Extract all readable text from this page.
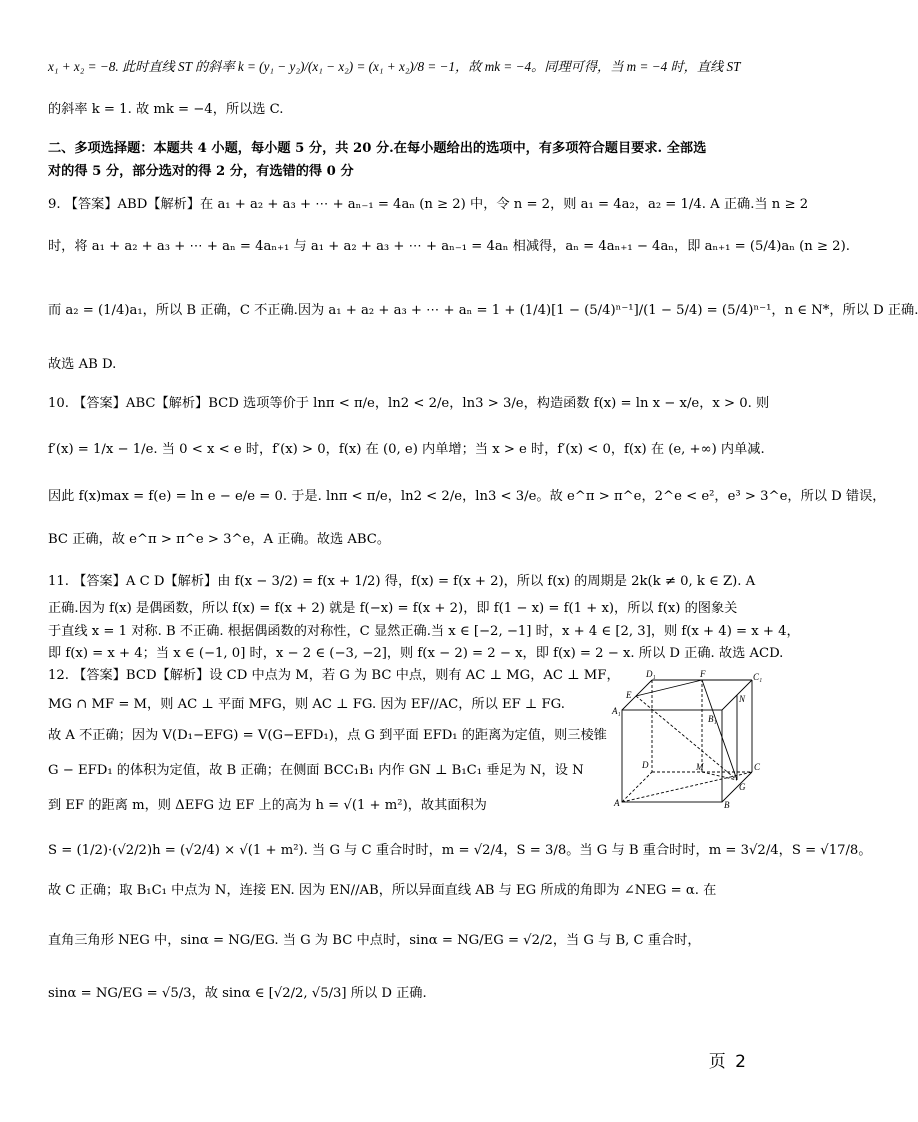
x₁ + x₂ = −8. 此时直线 ST 的斜率 k = (y₁ − y₂)/(x₁ − x₂) = (x₁ + x₂)/8 = −1，故 mk = −4。同理可得，当 m = −4 时，直线 ST
的斜率 k = 1. 故 mk = −4，所以选 C.
二、多项选择题：本题共 4 小题，每小题 5 分，共 20 分.在每小题给出的选项中，有多项符合题目要求. 全部选
对的得 5 分，部分选对的得 2 分，有选错的得 0 分
9. 【答案】ABD【解析】在 a₁ + a₂ + a₃ + ⋯ + aₙ₋₁ = 4aₙ (n ≥ 2) 中，令 n = 2，则 a₁ = 4a₂，a₂ = 1/4. A 正确.当 n ≥ 2
时，将 a₁ + a₂ + a₃ + ⋯ + aₙ = 4aₙ₊₁ 与 a₁ + a₂ + a₃ + ⋯ + aₙ₋₁ = 4aₙ 相减得，aₙ = 4aₙ₊₁ − 4aₙ，即 aₙ₊₁ = (5/4)aₙ (n ≥ 2).
而 a₂ = (1/4)a₁，所以 B 正确，C 不正确.因为 a₁ + a₂ + a₃ + ⋯ + aₙ = 1 + (1/4)[1 − (5/4)ⁿ⁻¹]/(1 − 5/4) = (5/4)ⁿ⁻¹，n ∈ N*，所以 D 正确.
故选 AB D.
10. 【答案】ABC【解析】BCD 选项等价于 lnπ < π/e，ln2 < 2/e，ln3 > 3/e，构造函数 f(x) = ln x − x/e，x > 0. 则
f′(x) = 1/x − 1/e. 当 0 < x < e 时，f′(x) > 0，f(x) 在 (0, e) 内单增；当 x > e 时，f′(x) < 0，f(x) 在 (e, +∞) 内单减.
因此 f(x)max = f(e) = ln e − e/e = 0. 于是. lnπ < π/e，ln2 < 2/e，ln3 < 3/e。故 e^π > π^e，2^e < e²，e³ > 3^e，所以 D 错误，
BC 正确，故 e^π > π^e > 3^e，A 正确。故选 ABC。
11. 【答案】A C D【解析】由 f(x − 3/2) = f(x + 1/2) 得，f(x) = f(x + 2)，所以 f(x) 的周期是 2k(k ≠ 0, k ∈ Z). A
正确.因为 f(x) 是偶函数，所以 f(x) = f(x + 2) 就是 f(−x) = f(x + 2)，即 f(1 − x) = f(1 + x)，所以 f(x) 的图象关
于直线 x = 1 对称. B 不正确. 根据偶函数的对称性，C 显然正确.当 x ∈ [−2, −1] 时，x + 4 ∈ [2, 3]，则 f(x + 4) = x + 4，
即 f(x) = x + 4；当 x ∈ (−1, 0] 时，x − 2 ∈ (−3, −2]，则 f(x − 2) = 2 − x，即 f(x) = 2 − x. 所以 D 正确. 故选 ACD.
12. 【答案】BCD【解析】设 CD 中点为 M，若 G 为 BC 中点，则有 AC ⊥ MG，AC ⊥ MF，
MG ∩ MF = M，则 AC ⊥ 平面 MFG，则 AC ⊥ FG. 因为 EF//AC，所以 EF ⊥ FG.
故 A 不正确；因为 V(D₁−EFG) = V(G−EFD₁)，点 G 到平面 EFD₁ 的距离为定值，则三棱锥
G − EFD₁ 的体积为定值，故 B 正确；在侧面 BCC₁B₁ 内作 GN ⊥ B₁C₁ 垂足为 N，设 N
到 EF 的距离 m，则 ΔEFG 边 EF 上的高为 h = √(1 + m²)，故其面积为
S = (1/2)·(√2/2)h = (√2/4) × √(1 + m²). 当 G 与 C 重合时时，m = √2/4，S = 3/8。当 G 与 B 重合时时，m = 3√2/4，S = √17/8。
故 C 正确；取 B₁C₁ 中点为 N，连接 EN. 因为 EN//AB，所以异面直线 AB 与 EG 所成的角即为 ∠NEG = α. 在
直角三角形 NEG 中，sinα = NG/EG. 当 G 为 BC 中点时，sinα = NG/EG = √2/2，当 G 与 B, C 重合时，
sinα = NG/EG = √5/3，故 sinα ∈ [√2/2, √5/3] 所以 D 正确.
D₁	F	C₁
E
A₁
N
B₁
D	M	C
G
A	B
页 2
